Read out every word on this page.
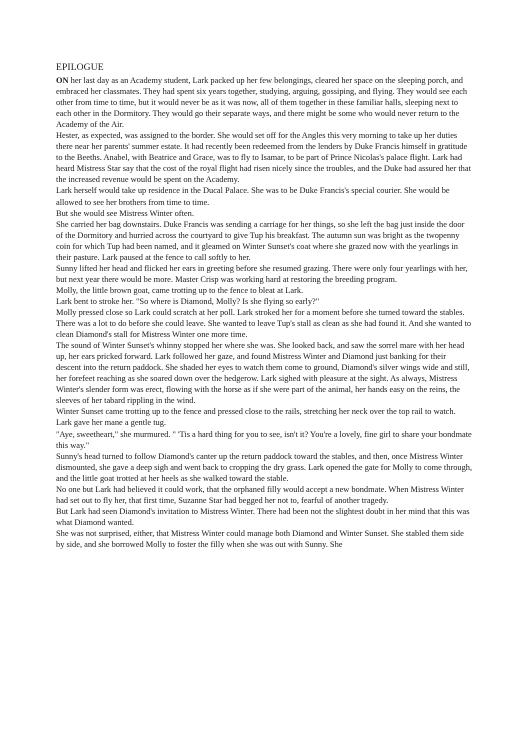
EPILOGUE

ON her last day as an Academy student, Lark packed up her few belongings, cleared her space on the sleeping porch, and embraced her classmates. They had spent six years together, studying, arguing, gossiping, and flying. They would see each other from time to time, but it would never be as it was now, all of them together in these familiar halls, sleeping next to each other in the Dormitory. They would go their separate ways, and there might be some who would never return to the Academy of the Air.

Hester, as expected, was assigned to the border. She would set off for the Angles this very morning to take up her duties there near her parents' summer estate. It had recently been redeemed from the lenders by Duke Francis himself in gratitude to the Beeths. Anabel, with Beatrice and Grace, was to fly to Isamar, to be part of Prince Nicolas's palace flight. Lark had heard Mistress Star say that the cost of the royal flight had risen nicely since the troubles, and the Duke had assured her that the increased revenue would be spent on the Academy.

Lark herself would take up residence in the Ducal Palace. She was to be Duke Francis's special courier. She would be allowed to see her brothers from time to time.

But she would see Mistress Winter often.

She carried her bag downstairs. Duke Francis was sending a carriage for her things, so she left the bag just inside the door of the Dormitory and hurried across the courtyard to give Tup his breakfast. The autumn sun was bright as the twopenny coin for which Tup had been named, and it gleamed on Winter Sunset's coat where she grazed now with the yearlings in their pasture. Lark paused at the fence to call softly to her.

Sunny lifted her head and flicked her ears in greeting before she resumed grazing. There were only four yearlings with her, but next year there would be more. Master Crisp was working hard at restoring the breeding program.

Molly, the little brown goat, came trotting up to the fence to bleat at Lark.

Lark bent to stroke her. "So where is Diamond, Molly? Is she flying so early?"

Molly pressed close so Lark could scratch at her poll. Lark stroked her for a moment before she turned toward the stables. There was a lot to do before she could leave. She wanted to leave Tup's stall as clean as she had found it. And she wanted to clean Diamond's stall for Mistress Winter one more time.

The sound of Winter Sunset's whinny stopped her where she was. She looked back, and saw the sorrel mare with her head up, her ears pricked forward. Lark followed her gaze, and found Mistress Winter and Diamond just banking for their descent into the return paddock. She shaded her eyes to watch them come to ground, Diamond's silver wings wide and still, her forefeet reaching as she soared down over the hedgerow. Lark sighed with pleasure at the sight. As always, Mistress Winter's slender form was erect, flowing with the horse as if she were part of the animal, her hands easy on the reins, the sleeves of her tabard rippling in the wind.

Winter Sunset came trotting up to the fence and pressed close to the rails, stretching her neck over the top rail to watch. Lark gave her mane a gentle tug.

"Aye, sweetheart," she murmured. " 'Tis a hard thing for you to see, isn't it? You're a lovely, fine girl to share your bondmate this way."

Sunny's head turned to follow Diamond's canter up the return paddock toward the stables, and then, once Mistress Winter dismounted, she gave a deep sigh and went back to cropping the dry grass. Lark opened the gate for Molly to come through, and the little goat trotted at her heels as she walked toward the stable.

No one but Lark had believed it could work, that the orphaned filly would accept a new bondmate. When Mistress Winter had set out to fly her, that first time, Suzanne Star had begged her not to, fearful of another tragedy.

But Lark had seen Diamond's invitation to Mistress Winter. There had been not the slightest doubt in her mind that this was what Diamond wanted.

She was not surprised, either, that Mistress Winter could manage both Diamond and Winter Sunset. She stabled them side by side, and she borrowed Molly to foster the filly when she was out with Sunny. She
